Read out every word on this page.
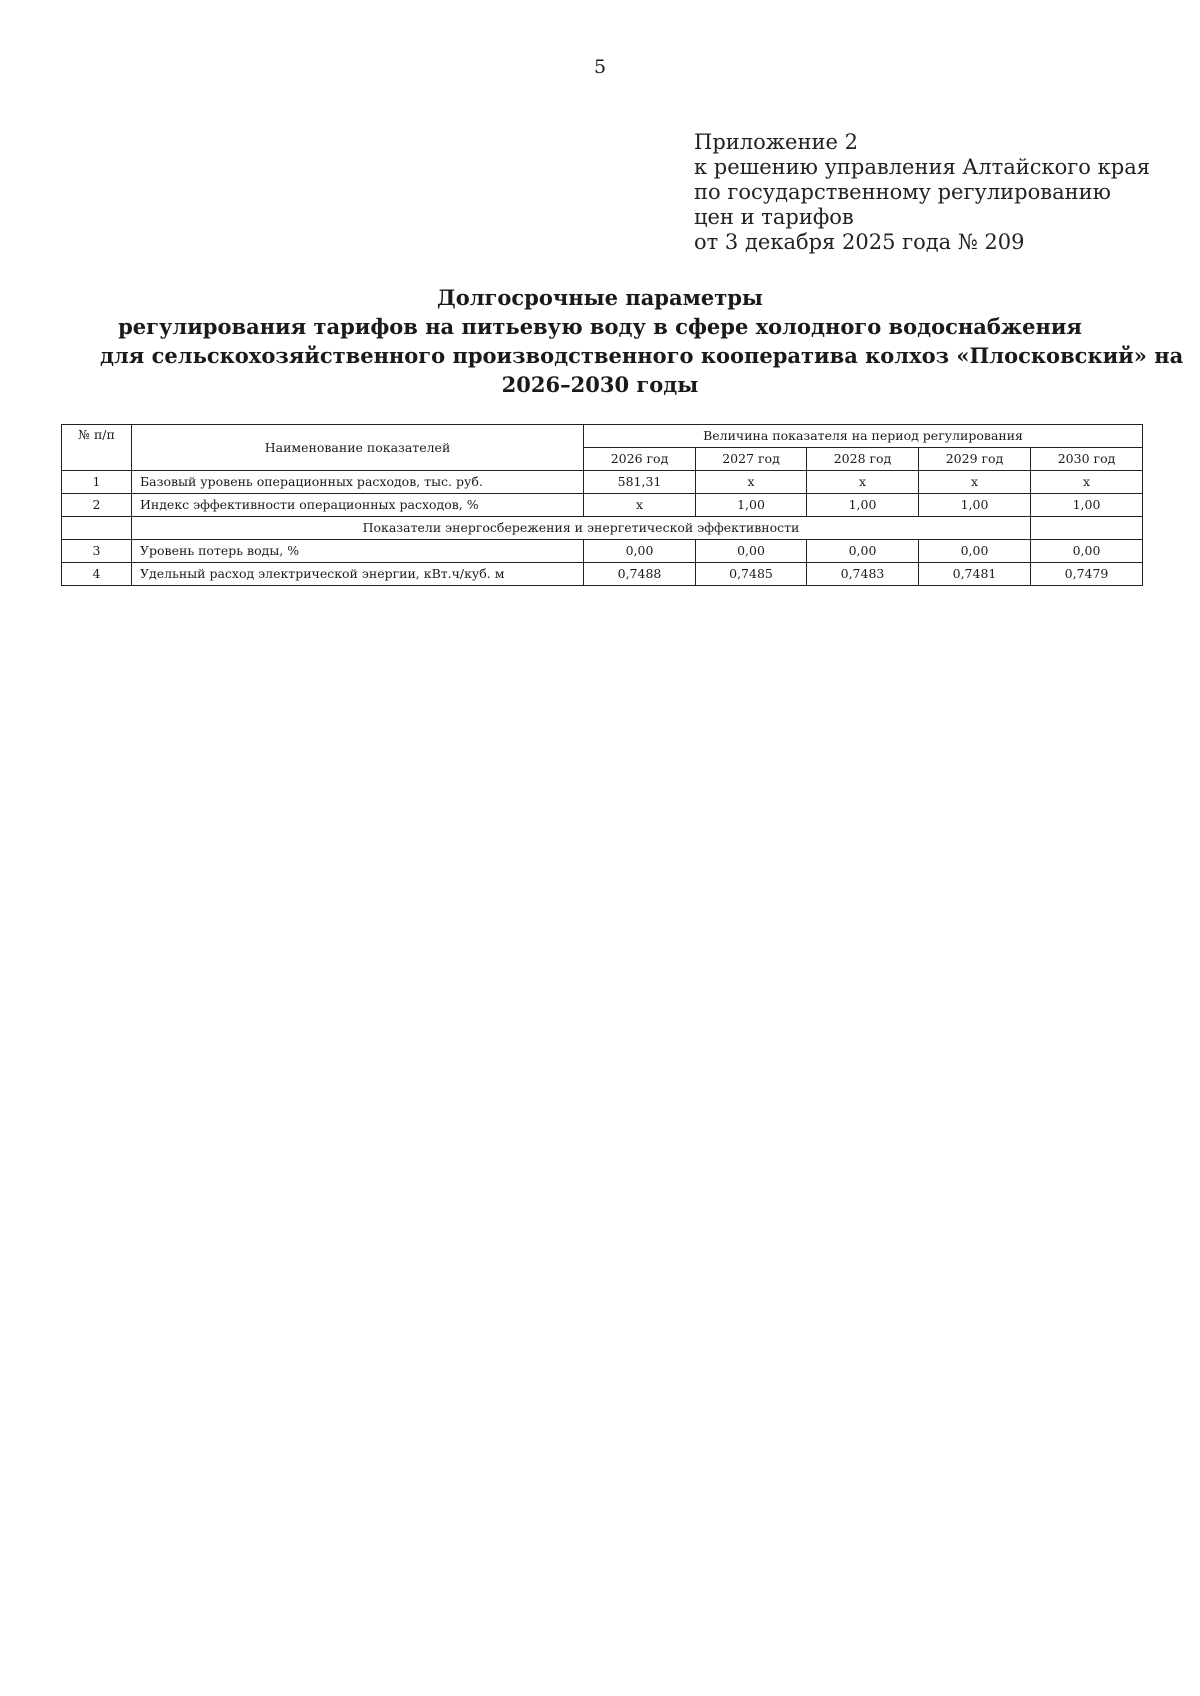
5
Приложение 2
к решению управления Алтайского края
по государственному регулированию
цен и тарифов
от 3 декабря 2025 года № 209
Долгосрочные параметры
регулирования тарифов на питьевую воду в сфере холодного водоснабжения
для сельскохозяйственного производственного кооператива колхоз «Плосковский» на
2026–2030 годы
№ п/п	Наименование показателей	Величина показателя на период регулирования				
		2026 год	2027 год	2028 год	2029 год	2030 год
1	Базовый уровень операционных расходов, тыс. руб.	581,31	x	x	x	x
2	Индекс эффективности операционных расходов, %	x	1,00	1,00	1,00	1,00
	Показатели энергосбережения и энергетической эффективности					
3	Уровень потерь воды, %	0,00	0,00	0,00	0,00	0,00
4	Удельный расход электрической энергии, кВт.ч/куб. м	0,7488	0,7485	0,7483	0,7481	0,7479
